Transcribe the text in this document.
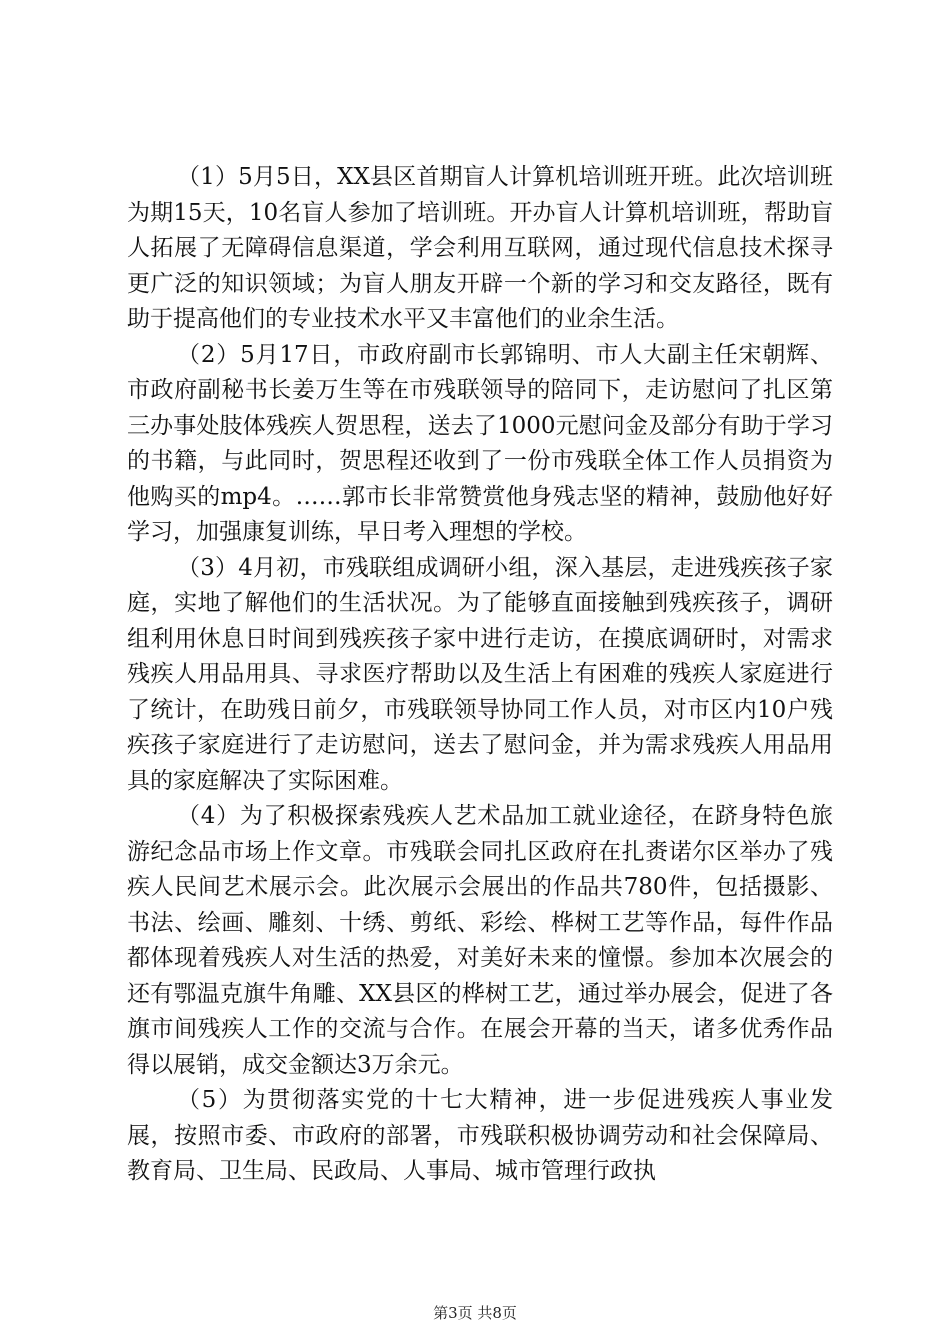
（1）5月5日，XX县区首期盲人计算机培训班开班。此次培训班为期15天，10名盲人参加了培训班。开办盲人计算机培训班，帮助盲人拓展了无障碍信息渠道，学会利用互联网，通过现代信息技术探寻更广泛的知识领域；为盲人朋友开辟一个新的学习和交友路径，既有助于提高他们的专业技术水平又丰富他们的业余生活。

（2）5月17日，市政府副市长郭锦明、市人大副主任宋朝辉、市政府副秘书长姜万生等在市残联领导的陪同下，走访慰问了扎区第三办事处肢体残疾人贺思程，送去了1000元慰问金及部分有助于学习的书籍，与此同时，贺思程还收到了一份市残联全体工作人员捐资为他购买的mp4。……郭市长非常赞赏他身残志坚的精神，鼓励他好好学习，加强康复训练，早日考入理想的学校。

（3）4月初，市残联组成调研小组，深入基层，走进残疾孩子家庭，实地了解他们的生活状况。为了能够直面接触到残疾孩子，调研组利用休息日时间到残疾孩子家中进行走访，在摸底调研时，对需求残疾人用品用具、寻求医疗帮助以及生活上有困难的残疾人家庭进行了统计，在助残日前夕，市残联领导协同工作人员，对市区内10户残疾孩子家庭进行了走访慰问，送去了慰问金，并为需求残疾人用品用具的家庭解决了实际困难。

（4）为了积极探索残疾人艺术品加工就业途径，在跻身特色旅游纪念品市场上作文章。市残联会同扎区政府在扎赉诺尔区举办了残疾人民间艺术展示会。此次展示会展出的作品共780件，包括摄影、书法、绘画、雕刻、十绣、剪纸、彩绘、桦树工艺等作品，每件作品都体现着残疾人对生活的热爱，对美好未来的憧憬。参加本次展会的还有鄂温克旗牛角雕、XX县区的桦树工艺，通过举办展会，促进了各旗市间残疾人工作的交流与合作。在展会开幕的当天，诸多优秀作品得以展销，成交金额达3万余元。

（5）为贯彻落实党的十七大精神，进一步促进残疾人事业发展，按照市委、市政府的部署，市残联积极协调劳动和社会保障局、教育局、卫生局、民政局、人事局、城市管理行政执

第3页 共8页
